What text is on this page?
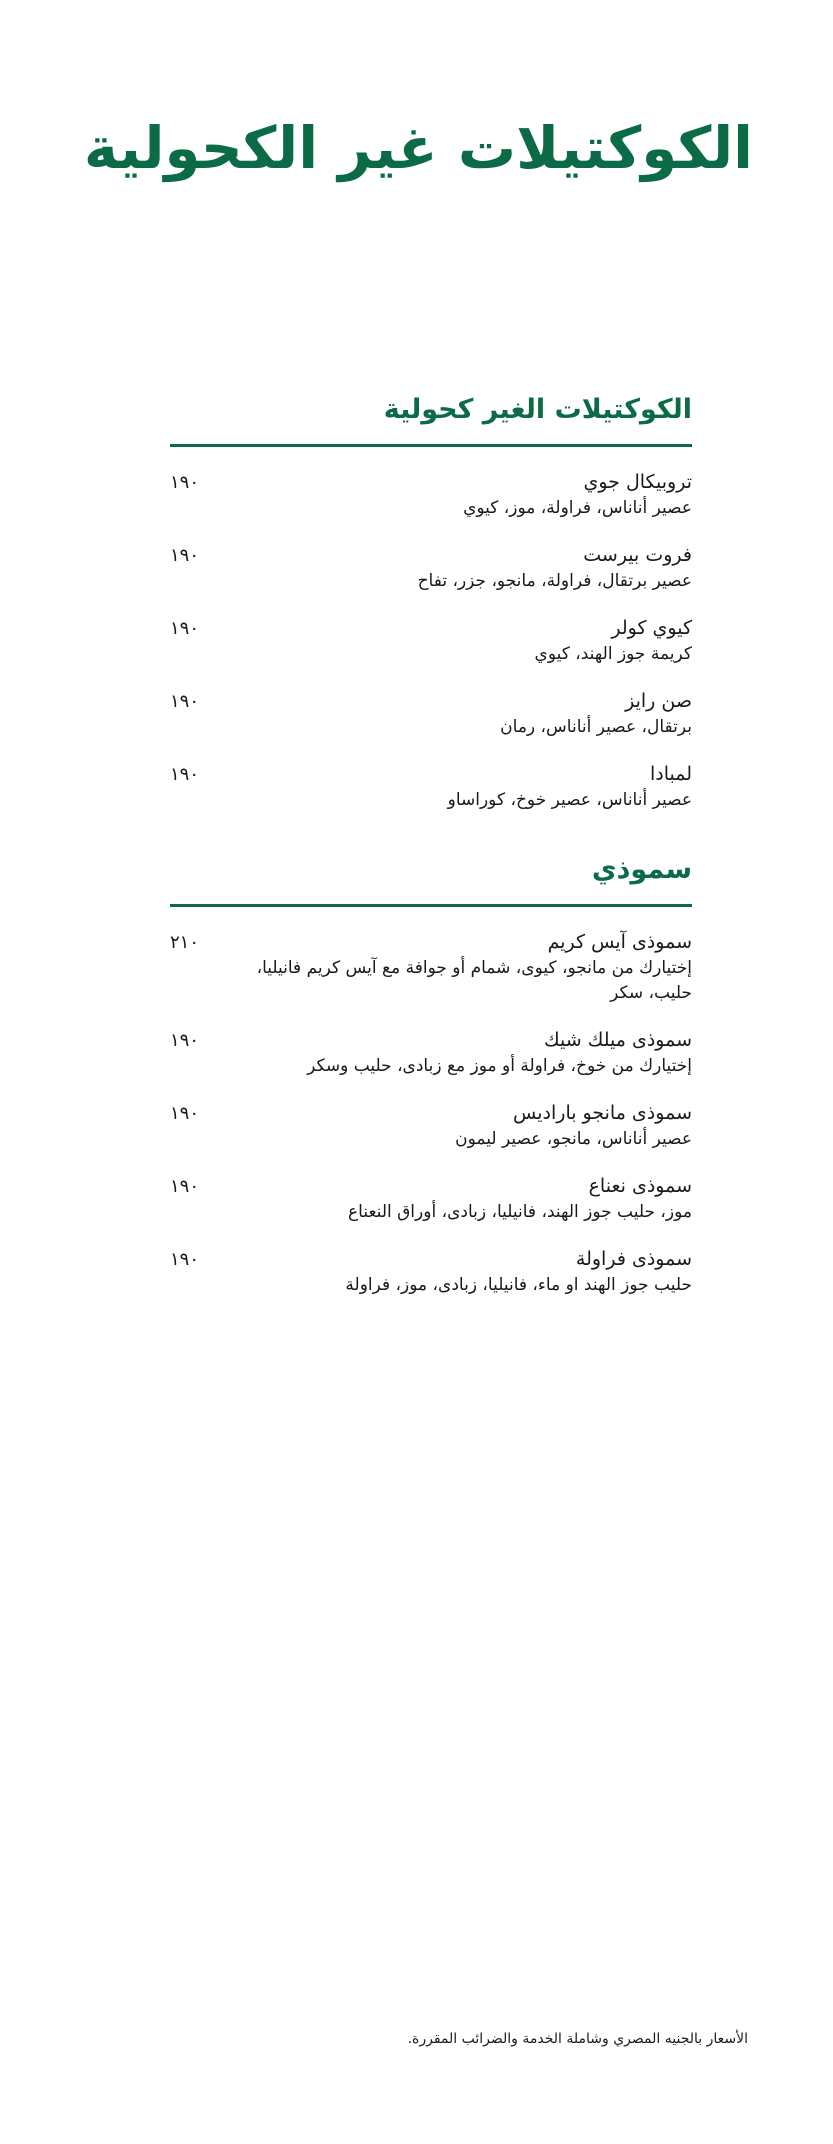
الكوكتيلات غير الكحولية
الكوكتيلات الغير كحولية
تروبيكال جوي
عصير أناناس، فراولة، موز، كيوي
١٩٠
فروت بيرست
عصير برتقال، فراولة، مانجو، جزر، تفاح
١٩٠
كيوي كولر
كريمة جوز الهند، كيوي
١٩٠
صن رايز
برتقال، عصير أناناس، رمان
١٩٠
لمبادا
عصير أناناس، عصير خوخ، كوراساو
١٩٠
سموذي
سموذى آيس كريم
إختيارك من مانجو، كيوى، شمام أو جوافة مع آيس كريم فانيليا، حليب، سكر
٢١٠
سموذى ميلك شيك
إختيارك من خوخ، فراولة أو موز مع زبادى، حليب وسكر
١٩٠
سموذى مانجو باراديس
عصير أناناس، مانجو، عصير ليمون
١٩٠
سموذى نعناع
موز، حليب جوز الهند، فانيليا، زبادى، أوراق النعناع
١٩٠
سموذى فراولة
حليب جوز الهند او ماء، فانيليا، زبادى، موز، فراولة
١٩٠

الأسعار بالجنيه المصري وشاملة الخدمة والضرائب المقررة.
